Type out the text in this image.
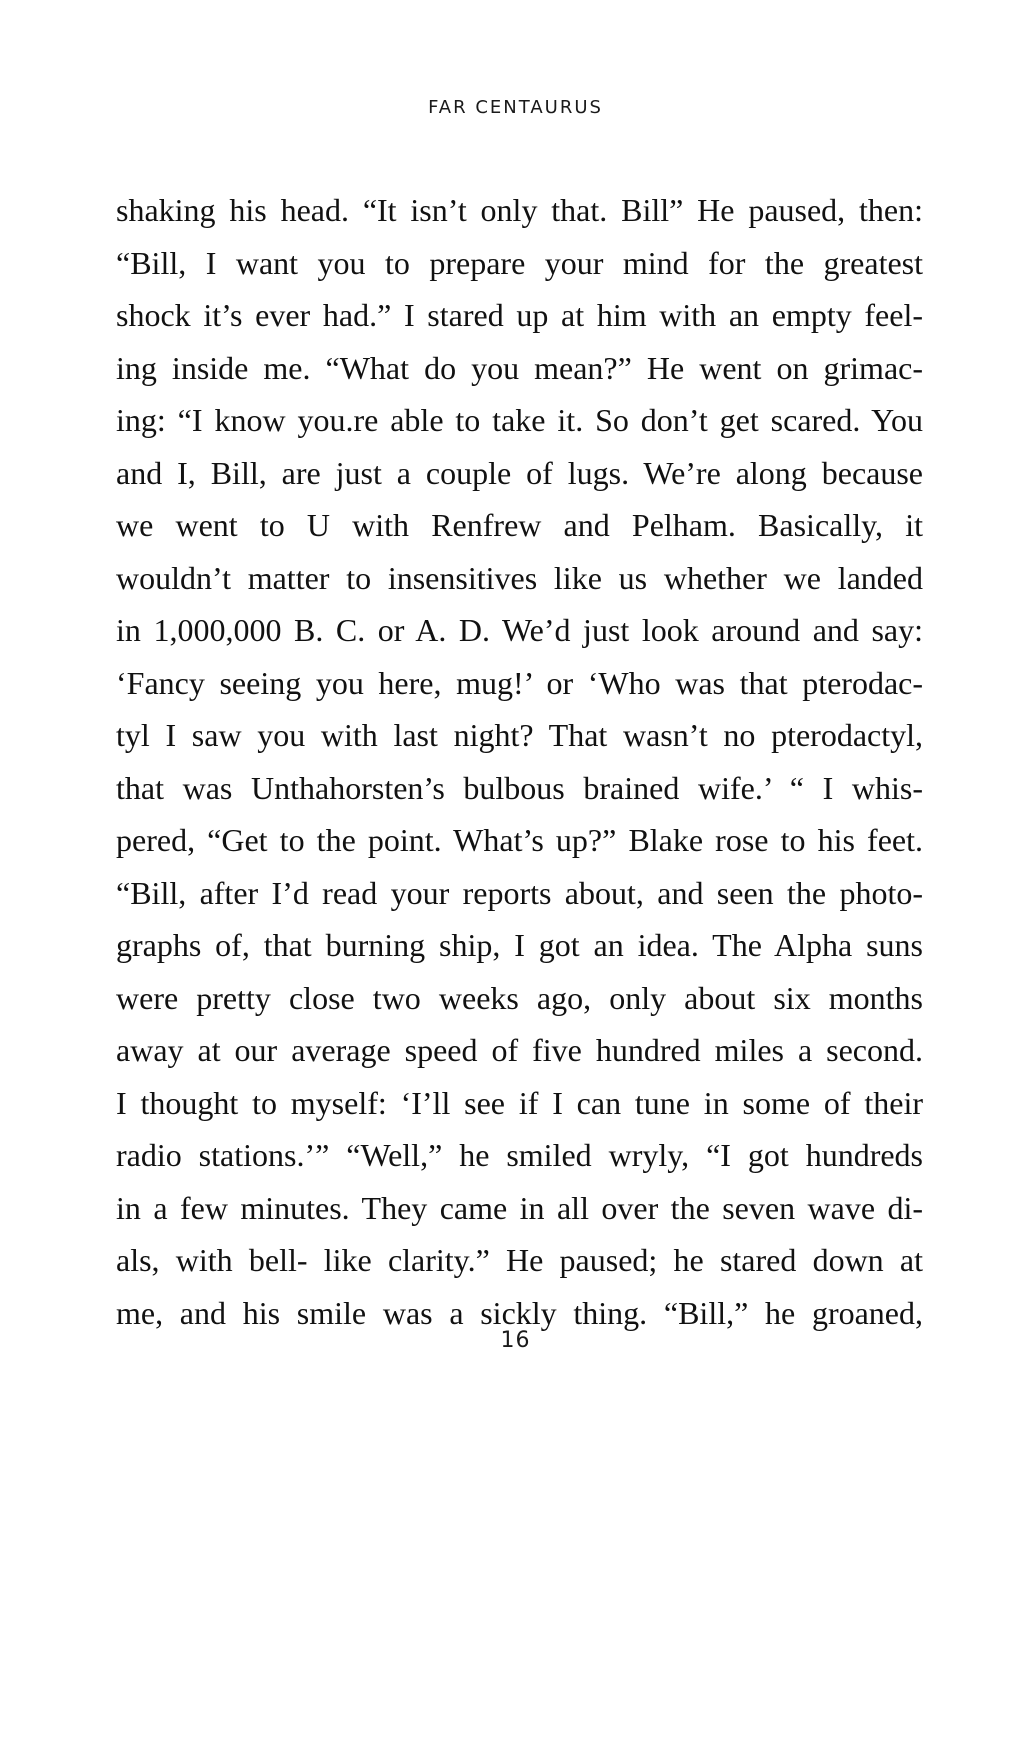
FAR CENTAURUS
shaking his head. “It isn’t only that. Bill” He paused, then:
“Bill, I want you to prepare your mind for the greatest
shock it’s ever had.” I stared up at him with an empty feel-
ing inside me. “What do you mean?” He went on grimac-
ing: “I know you.re able to take it. So don’t get scared. You
and I, Bill, are just a couple of lugs. We’re along because
we went to U with Renfrew and Pelham. Basically, it
wouldn’t matter to insensitives like us whether we landed
in 1,000,000 B. C. or A. D. We’d just look around and say:
‘Fancy seeing you here, mug!’ or ‘Who was that pterodac-
tyl I saw you with last night? That wasn’t no pterodactyl,
that was Unthahorsten’s bulbous brained wife.’ “ I whis-
pered, “Get to the point. What’s up?” Blake rose to his feet.
“Bill, after I’d read your reports about, and seen the photo-
graphs of, that burning ship, I got an idea. The Alpha suns
were pretty close two weeks ago, only about six months
away at our average speed of five hundred miles a second.
I thought to myself: ‘I’ll see if I can tune in some of their
radio stations.’” “Well,” he smiled wryly, “I got hundreds
in a few minutes. They came in all over the seven wave di-
als, with bell- like clarity.” He paused; he stared down at
me, and his smile was a sickly thing. “Bill,” he groaned,
16
